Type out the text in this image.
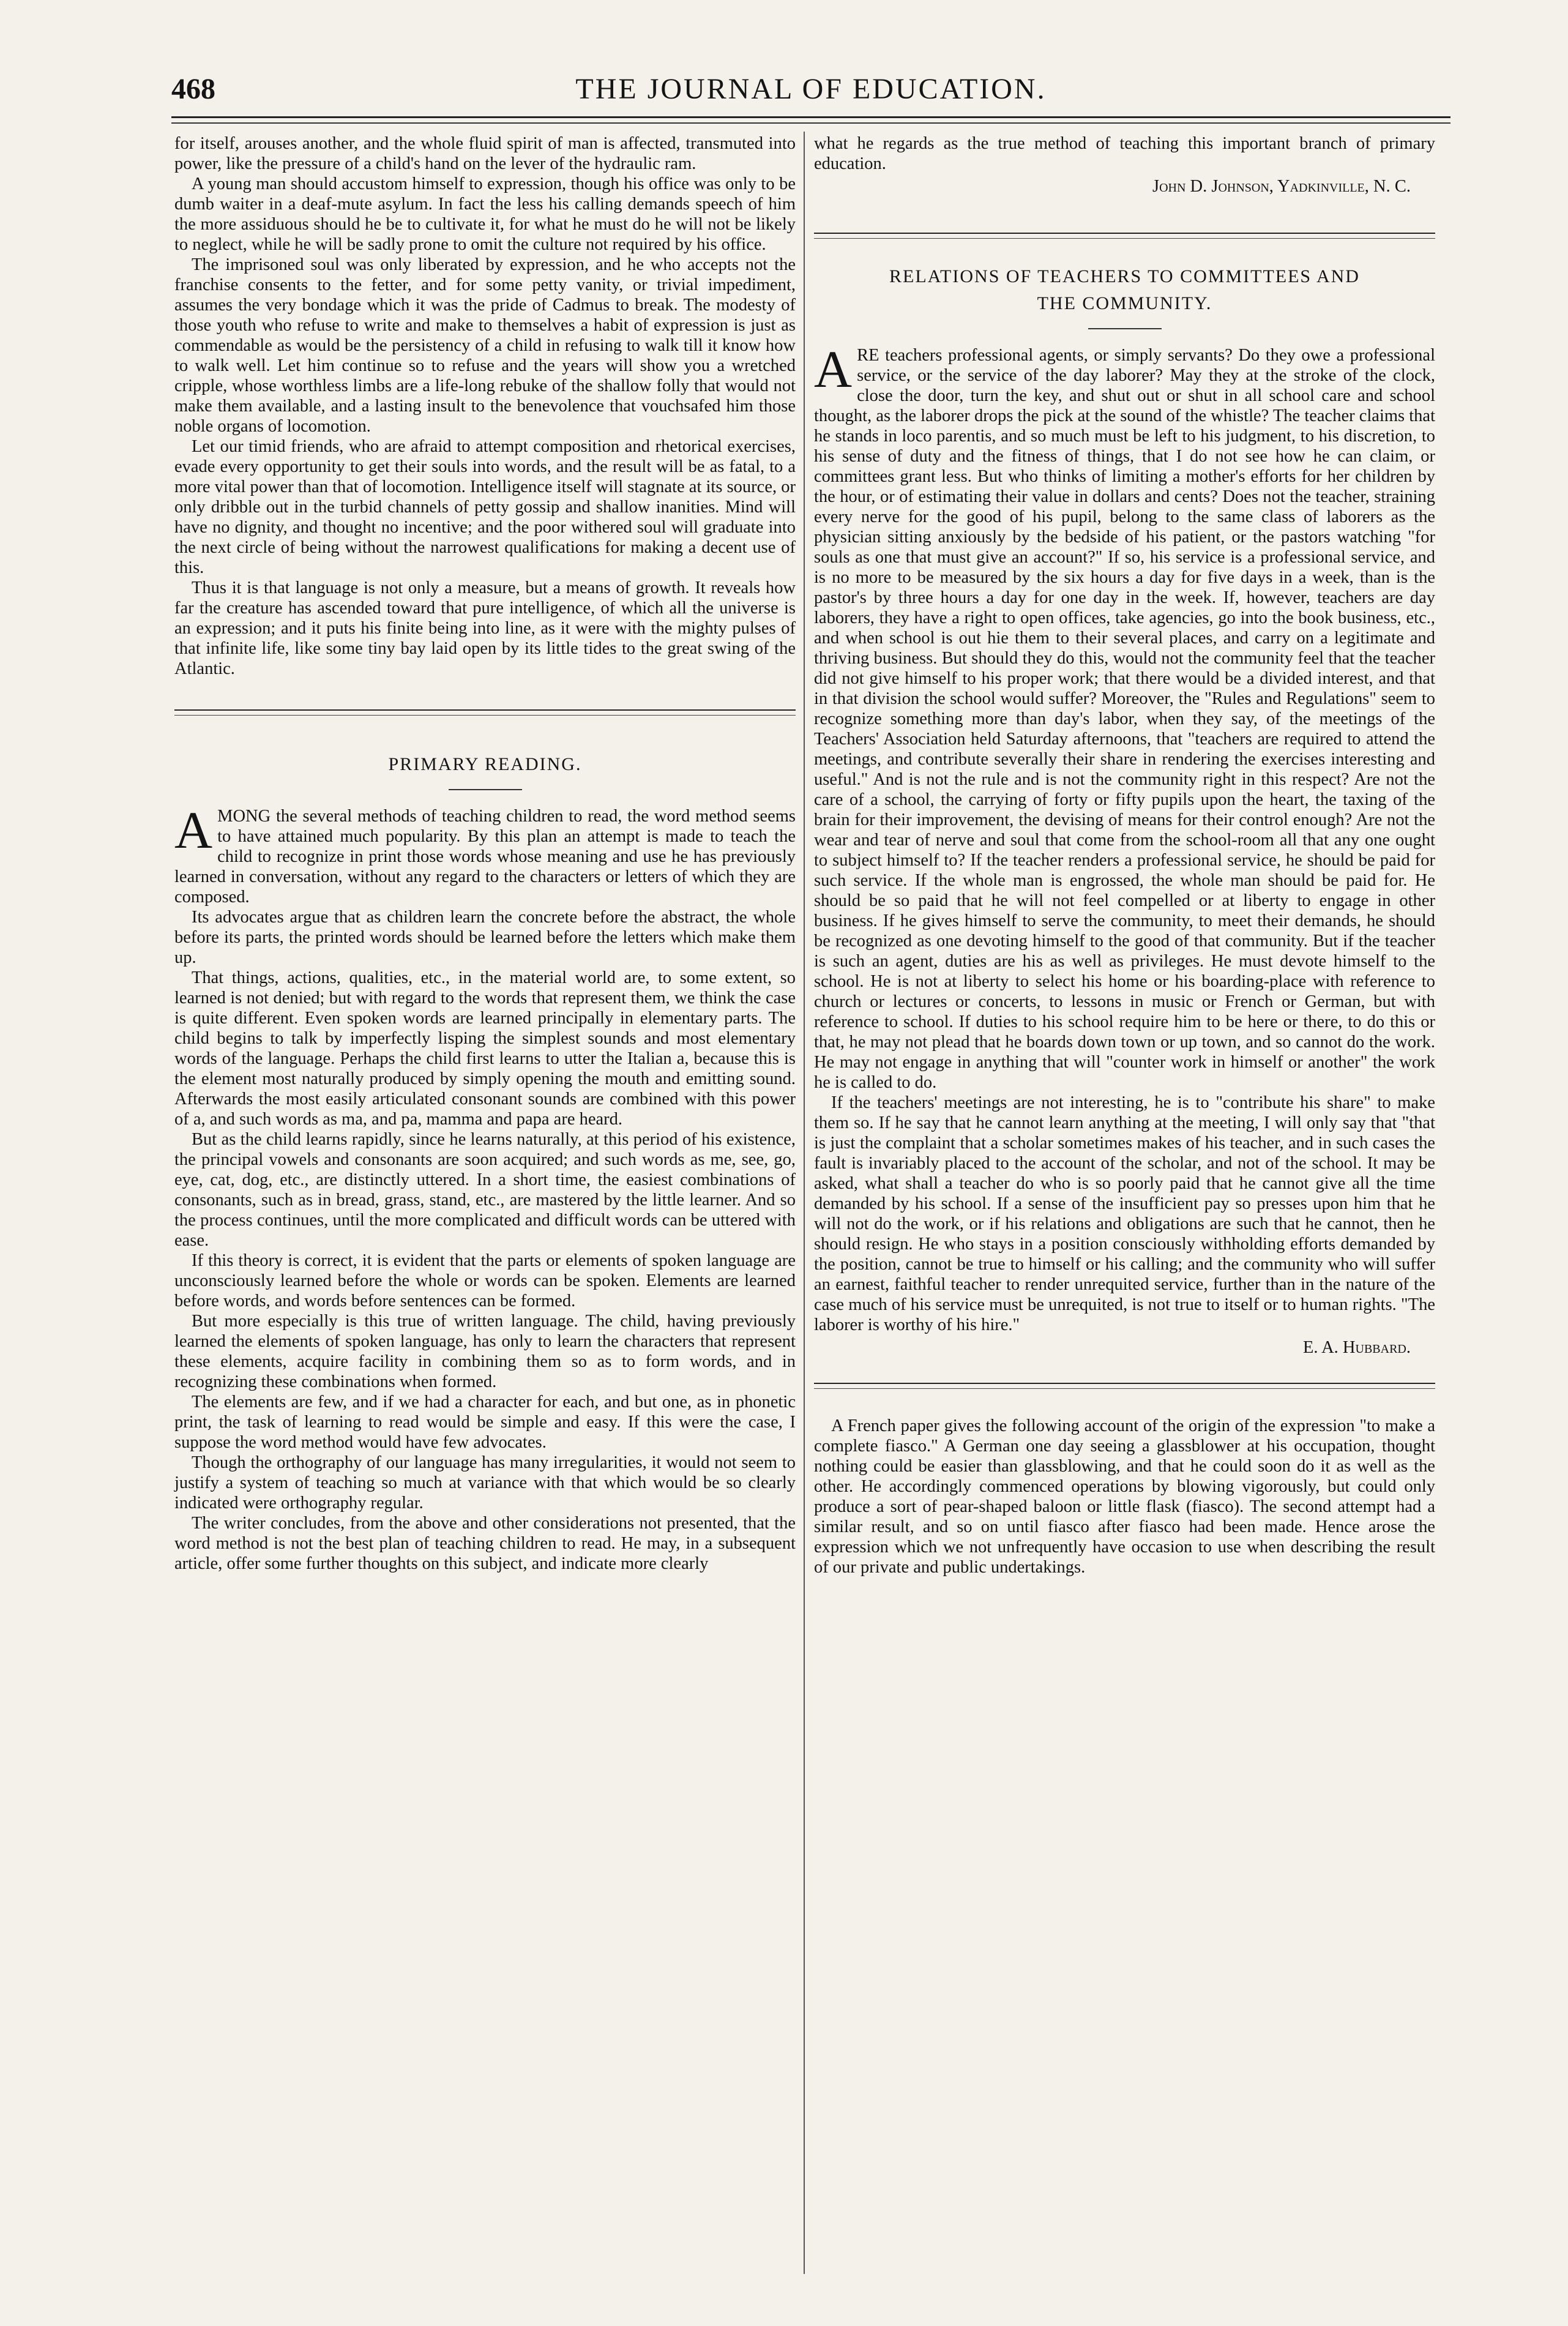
468	THE JOURNAL OF EDUCATION.

for itself, arouses another, and the whole fluid spirit of man is affected, transmuted into power, like the pressure of a child's hand on the lever of the hydraulic ram.

A young man should accustom himself to expression, though his office was only to be dumb waiter in a deaf-mute asylum. In fact the less his calling demands speech of him the more assiduous should he be to cultivate it, for what he must do he will not be likely to neglect, while he will be sadly prone to omit the culture not required by his office.

The imprisoned soul was only liberated by expression, and he who accepts not the franchise consents to the fetter, and for some petty vanity, or trivial impediment, assumes the very bondage which it was the pride of Cadmus to break. The modesty of those youth who refuse to write and make to themselves a habit of expression is just as commendable as would be the persistency of a child in refusing to walk till it know how to walk well. Let him continue so to refuse and the years will show you a wretched cripple, whose worthless limbs are a life-long rebuke of the shallow folly that would not make them available, and a lasting insult to the benevolence that vouchsafed him those noble organs of locomotion.

Let our timid friends, who are afraid to attempt composition and rhetorical exercises, evade every opportunity to get their souls into words, and the result will be as fatal, to a more vital power than that of locomotion. Intelligence itself will stagnate at its source, or only dribble out in the turbid channels of petty gossip and shallow inanities. Mind will have no dignity, and thought no incentive; and the poor withered soul will graduate into the next circle of being without the narrowest qualifications for making a decent use of this.

Thus it is that language is not only a measure, but a means of growth. It reveals how far the creature has ascended toward that pure intelligence, of which all the universe is an expression; and it puts his finite being into line, as it were with the mighty pulses of that infinite life, like some tiny bay laid open by its little tides to the great swing of the Atlantic.

PRIMARY READING.

AMONG the several methods of teaching children to read, the word method seems to have attained much popularity. By this plan an attempt is made to teach the child to recognize in print those words whose meaning and use he has previously learned in conversation, without any regard to the characters or letters of which they are composed.

Its advocates argue that as children learn the concrete before the abstract, the whole before its parts, the printed words should be learned before the letters which make them up.

That things, actions, qualities, etc., in the material world are, to some extent, so learned is not denied; but with regard to the words that represent them, we think the case is quite different. Even spoken words are learned principally in elementary parts. The child begins to talk by imperfectly lisping the simplest sounds and most elementary words of the language. Perhaps the child first learns to utter the Italian a, because this is the element most naturally produced by simply opening the mouth and emitting sound. Afterwards the most easily articulated consonant sounds are combined with this power of a, and such words as ma, and pa, mamma and papa are heard.

But as the child learns rapidly, since he learns naturally, at this period of his existence, the principal vowels and consonants are soon acquired; and such words as me, see, go, eye, cat, dog, etc., are distinctly uttered. In a short time, the easiest combinations of consonants, such as in bread, grass, stand, etc., are mastered by the little learner. And so the process continues, until the more complicated and difficult words can be uttered with ease.

If this theory is correct, it is evident that the parts or elements of spoken language are unconsciously learned before the whole or words can be spoken. Elements are learned before words, and words before sentences can be formed.

But more especially is this true of written language. The child, having previously learned the elements of spoken language, has only to learn the characters that represent these elements, acquire facility in combining them so as to form words, and in recognizing these combinations when formed.

The elements are few, and if we had a character for each, and but one, as in phonetic print, the task of learning to read would be simple and easy. If this were the case, I suppose the word method would have few advocates.

Though the orthography of our language has many irregularities, it would not seem to justify a system of teaching so much at variance with that which would be so clearly indicated were orthography regular.

The writer concludes, from the above and other considerations not presented, that the word method is not the best plan of teaching children to read. He may, in a subsequent article, offer some further thoughts on this subject, and indicate more clearly

what he regards as the true method of teaching this important branch of primary education.

John D. Johnson, Yadkinville, N. C.
RELATIONS OF TEACHERS TO COMMITTEES AND
THE COMMUNITY.

ARE teachers professional agents, or simply servants? Do they owe a professional service, or the service of the day laborer? May they at the stroke of the clock, close the door, turn the key, and shut out or shut in all school care and school thought, as the laborer drops the pick at the sound of the whistle? The teacher claims that he stands in loco parentis, and so much must be left to his judgment, to his discretion, to his sense of duty and the fitness of things, that I do not see how he can claim, or committees grant less. But who thinks of limiting a mother's efforts for her children by the hour, or of estimating their value in dollars and cents? Does not the teacher, straining every nerve for the good of his pupil, belong to the same class of laborers as the physician sitting anxiously by the bedside of his patient, or the pastors watching "for souls as one that must give an account?" If so, his service is a professional service, and is no more to be measured by the six hours a day for five days in a week, than is the pastor's by three hours a day for one day in the week. If, however, teachers are day laborers, they have a right to open offices, take agencies, go into the book business, etc., and when school is out hie them to their several places, and carry on a legitimate and thriving business. But should they do this, would not the community feel that the teacher did not give himself to his proper work; that there would be a divided interest, and that in that division the school would suffer? Moreover, the "Rules and Regulations" seem to recognize something more than day's labor, when they say, of the meetings of the Teachers' Association held Saturday afternoons, that "teachers are required to attend the meetings, and contribute severally their share in rendering the exercises interesting and useful." And is not the rule and is not the community right in this respect? Are not the care of a school, the carrying of forty or fifty pupils upon the heart, the taxing of the brain for their improvement, the devising of means for their control enough? Are not the wear and tear of nerve and soul that come from the school-room all that any one ought to subject himself to? If the teacher renders a professional service, he should be paid for such service. If the whole man is engrossed, the whole man should be paid for. He should be so paid that he will not feel compelled or at liberty to engage in other business. If he gives himself to serve the community, to meet their demands, he should be recognized as one devoting himself to the good of that community. But if the teacher is such an agent, duties are his as well as privileges. He must devote himself to the school. He is not at liberty to select his home or his boarding-place with reference to church or lectures or concerts, to lessons in music or French or German, but with reference to school. If duties to his school require him to be here or there, to do this or that, he may not plead that he boards down town or up town, and so cannot do the work. He may not engage in anything that will "counter work in himself or another" the work he is called to do.

If the teachers' meetings are not interesting, he is to "contribute his share" to make them so. If he say that he cannot learn anything at the meeting, I will only say that "that is just the complaint that a scholar sometimes makes of his teacher, and in such cases the fault is invariably placed to the account of the scholar, and not of the school. It may be asked, what shall a teacher do who is so poorly paid that he cannot give all the time demanded by his school. If a sense of the insufficient pay so presses upon him that he will not do the work, or if his relations and obligations are such that he cannot, then he should resign. He who stays in a position consciously withholding efforts demanded by the position, cannot be true to himself or his calling; and the community who will suffer an earnest, faithful teacher to render unrequited service, further than in the nature of the case much of his service must be unrequited, is not true to itself or to human rights. "The laborer is worthy of his hire."

E. A. Hubbard.

A French paper gives the following account of the origin of the expression "to make a complete fiasco." A German one day seeing a glassblower at his occupation, thought nothing could be easier than glassblowing, and that he could soon do it as well as the other. He accordingly commenced operations by blowing vigorously, but could only produce a sort of pear-shaped baloon or little flask (fiasco). The second attempt had a similar result, and so on until fiasco after fiasco had been made. Hence arose the expression which we not unfrequently have occasion to use when describing the result of our private and public undertakings.
